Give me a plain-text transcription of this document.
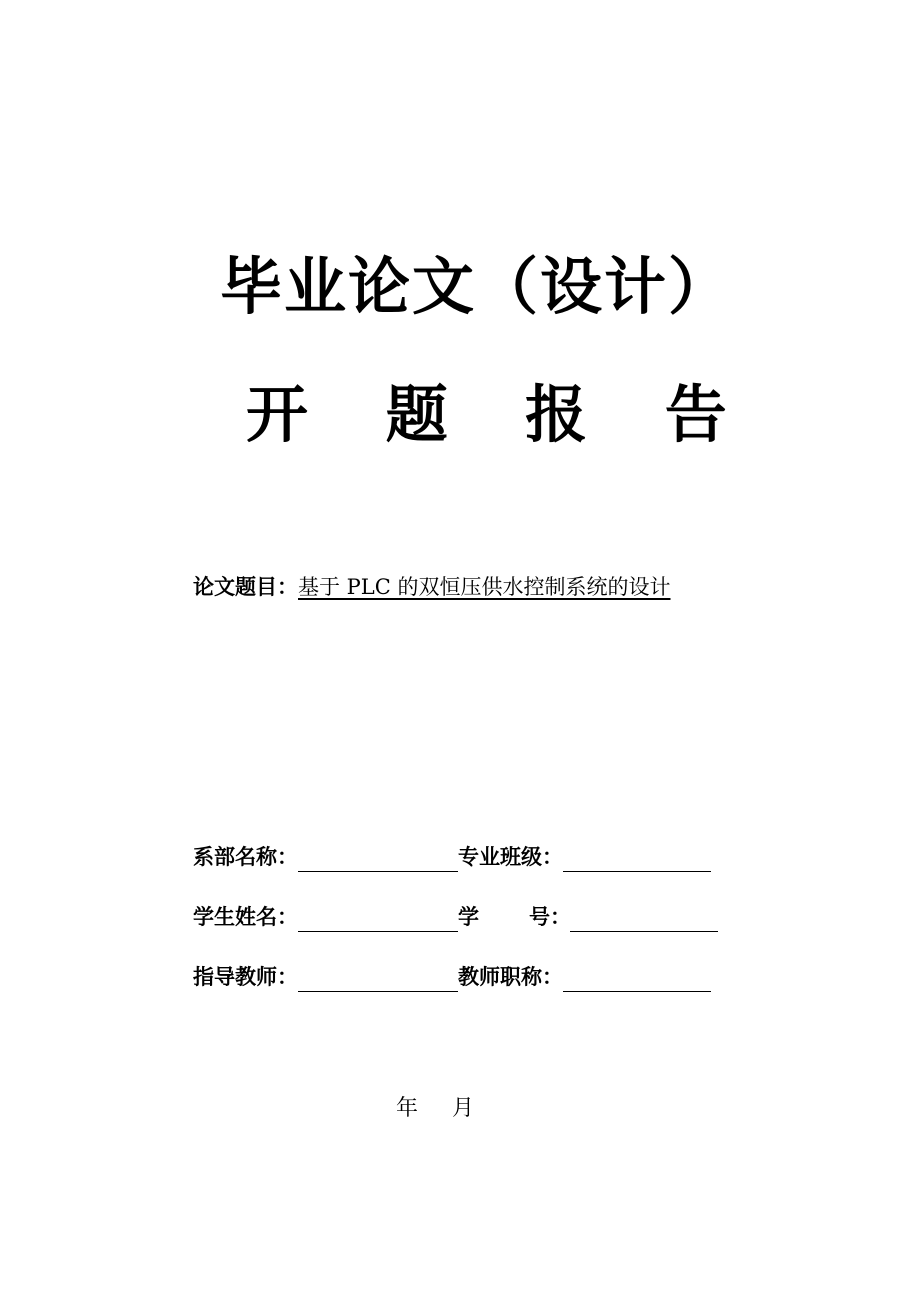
毕业论文（设计）
开 题 报 告
论文题目：基于 PLC 的双恒压供水控制系统的设计
系部名称：	专业班级：
学生姓名：	学 号：
指导教师：	教师职称：
年 月
